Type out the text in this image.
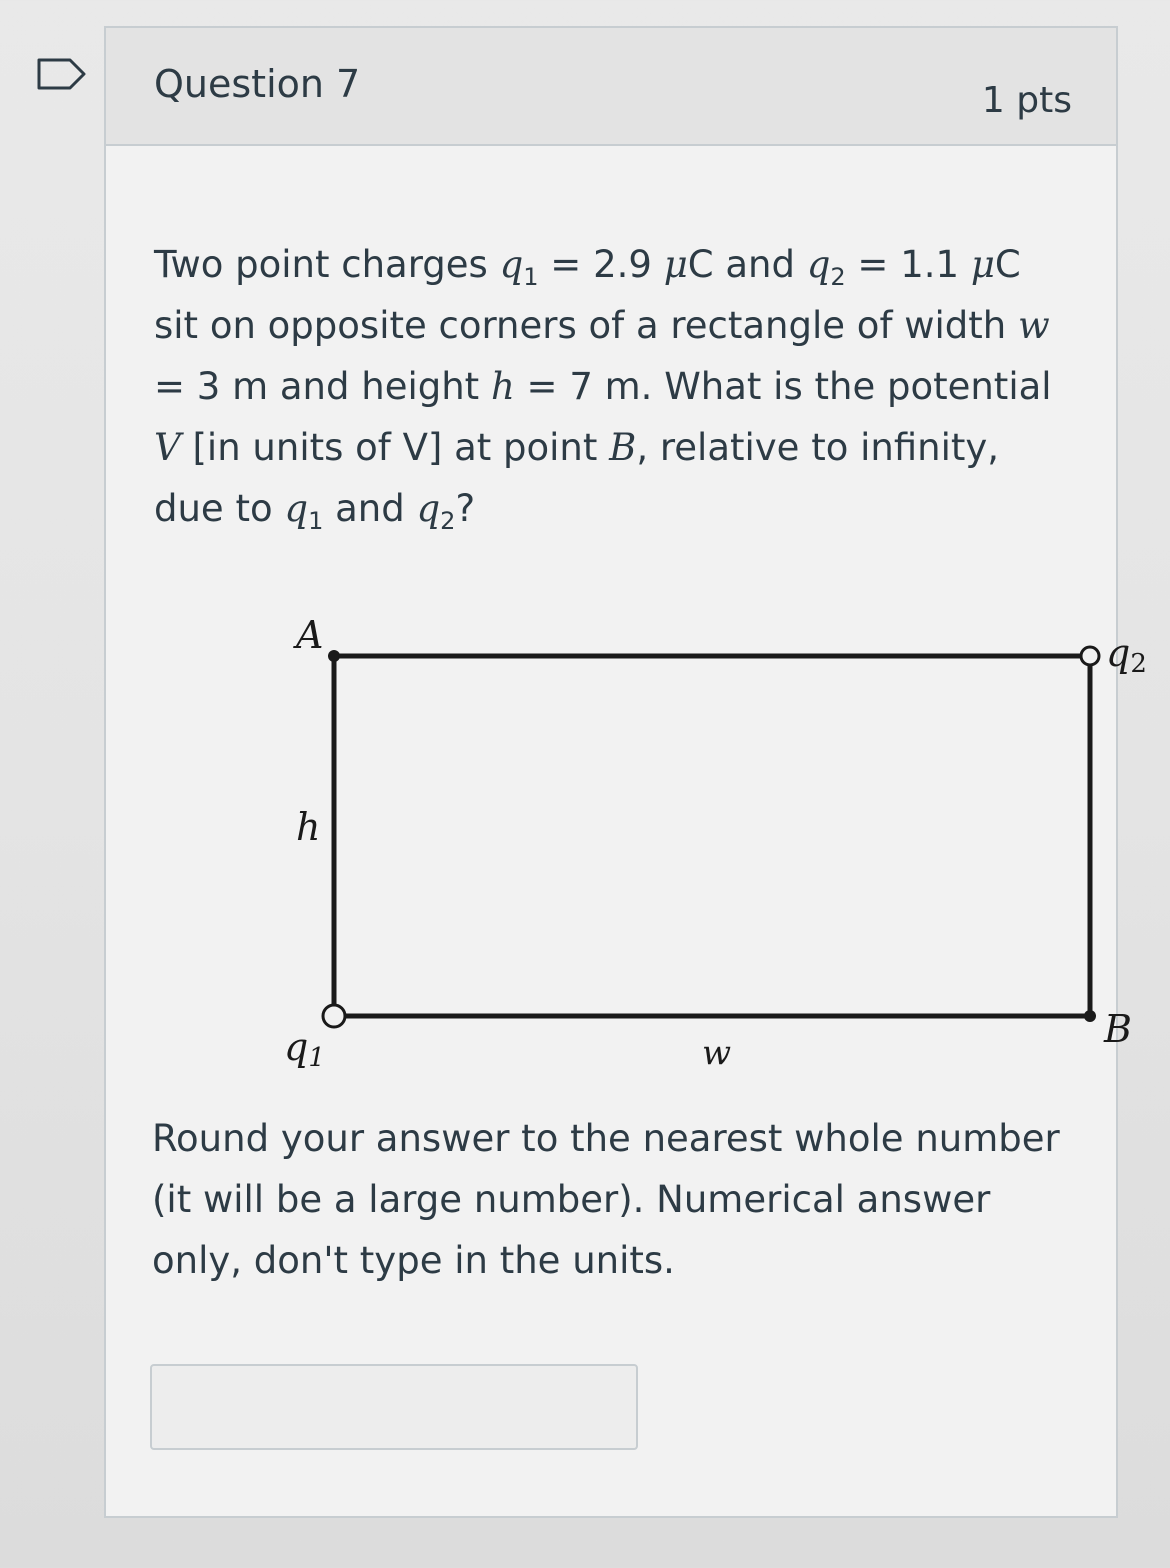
Question 7	1 pts

Two point charges $q_1 = 2.9$ μC and $q_2 = 1.1$ μC sit on opposite corners of a rectangle of width w = 3 m and height h = 7 m. What is the potential V [in units of V] at point B, relative to infinity, due to $q_1$ and $q_2$?

A	q2
h
B
q1	w

Round your answer to the nearest whole number (it will be a large number). Numerical answer only, don't type in the units.
